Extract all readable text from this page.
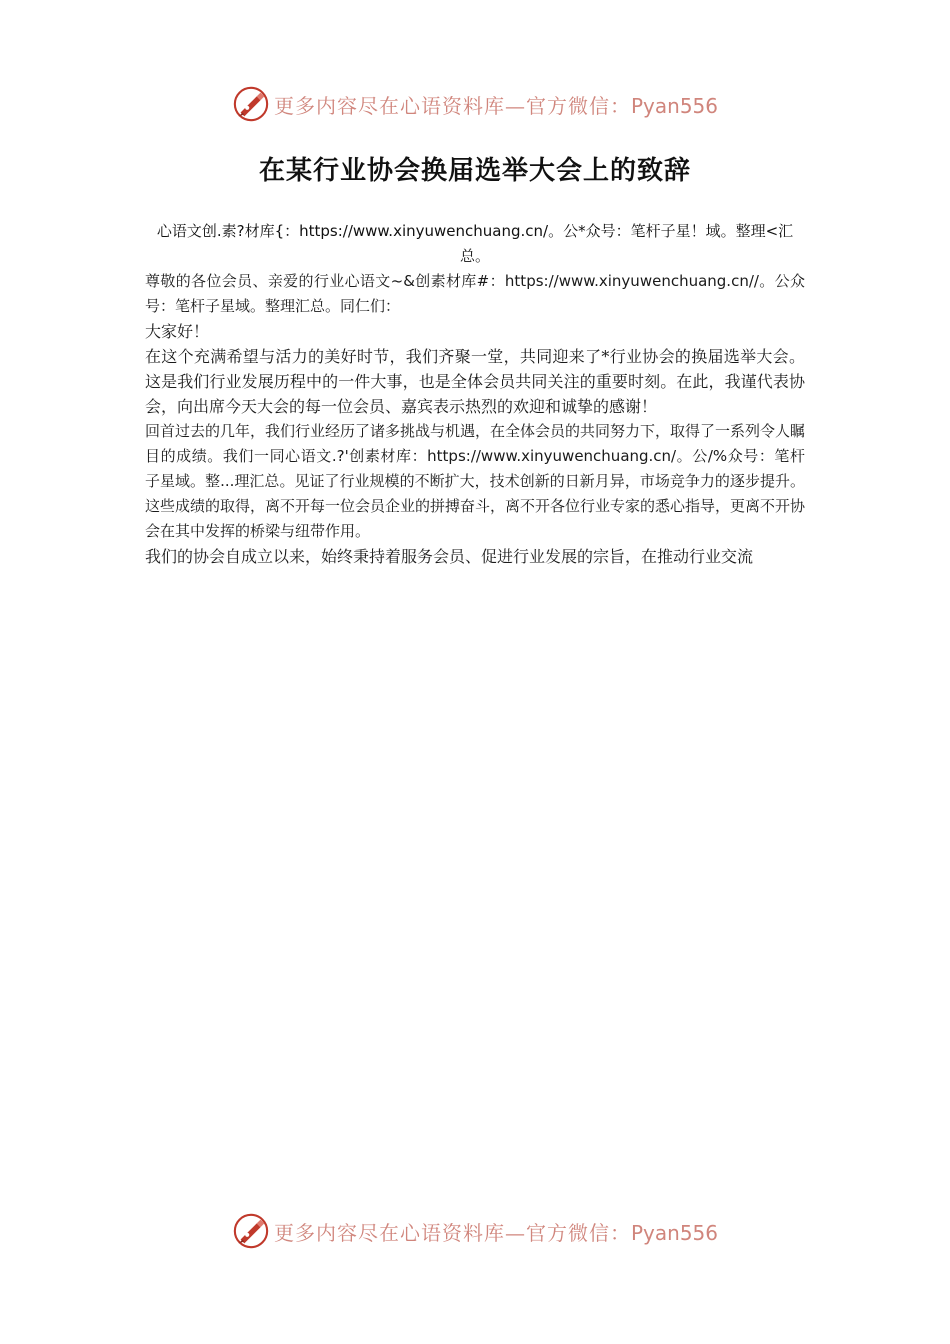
更多内容尽在心语资料库—官方微信：Pyan556
在某行业协会换届选举大会上的致辞

心语文创.素?材库{：https://www.xinyuwenchuang.cn/。公*众号：笔杆子星！域。整理<汇总。

尊敬的各位会员、亲爱的行业心语文~&创素材库#：https://www.xinyuwenchuang.cn//。公众号：笔杆子星域。整理汇总。同仁们：

大家好！

在这个充满希望与活力的美好时节，我们齐聚一堂，共同迎来了*行业协会的换届选举大会。这是我们行业发展历程中的一件大事，也是全体会员共同关注的重要时刻。在此，我谨代表协会，向出席今天大会的每一位会员、嘉宾表示热烈的欢迎和诚挚的感谢！

回首过去的几年，我们行业经历了诸多挑战与机遇，在全体会员的共同努力下，取得了一系列令人瞩目的成绩。我们一同心语文.?'创素材库：https://www.xinyuwenchuang.cn/。公/%众号：笔杆子星域。整...理汇总。见证了行业规模的不断扩大，技术创新的日新月异，市场竞争力的逐步提升。这些成绩的取得，离不开每一位会员企业的拼搏奋斗，离不开各位行业专家的悉心指导，更离不开协会在其中发挥的桥梁与纽带作用。

我们的协会自成立以来，始终秉持着服务会员、促进行业发展的宗旨，在推动行业交流

更多内容尽在心语资料库—官方微信：Pyan556
